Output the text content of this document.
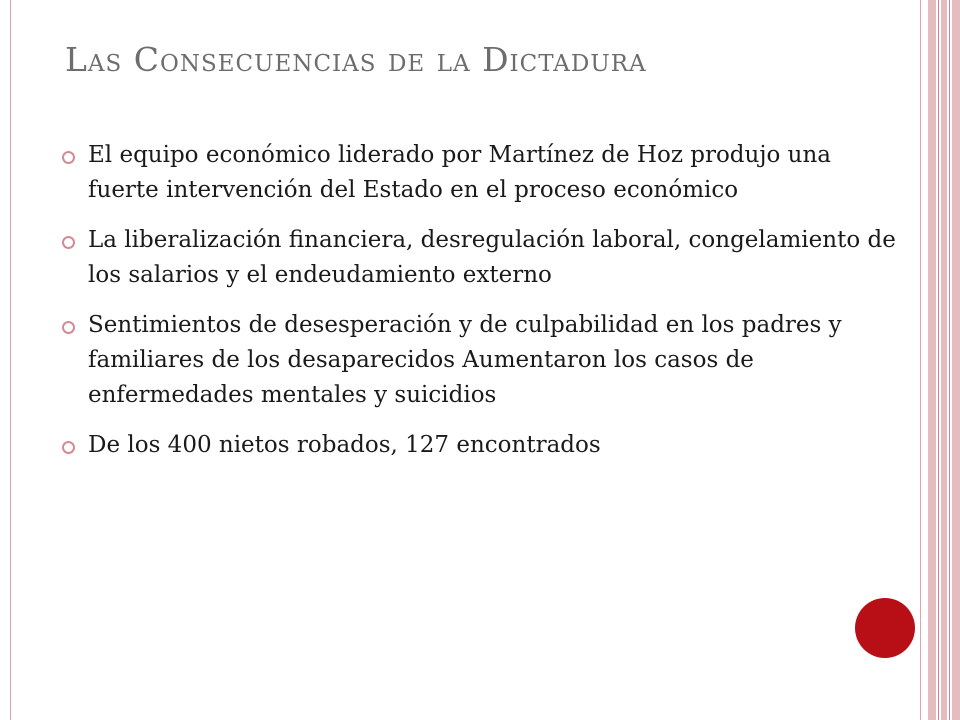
Las Consecuencias de la Dictadura
El equipo económico liderado por Martínez de Hoz produjo una fuerte intervención del Estado en el proceso económico
La liberalización financiera, desregulación laboral, congelamiento de los salarios y el endeudamiento externo
Sentimientos de desesperación y de culpabilidad en los padres y familiares de los desaparecidos Aumentaron los casos de enfermedades mentales y suicidios
De los 400 nietos robados, 127 encontrados
